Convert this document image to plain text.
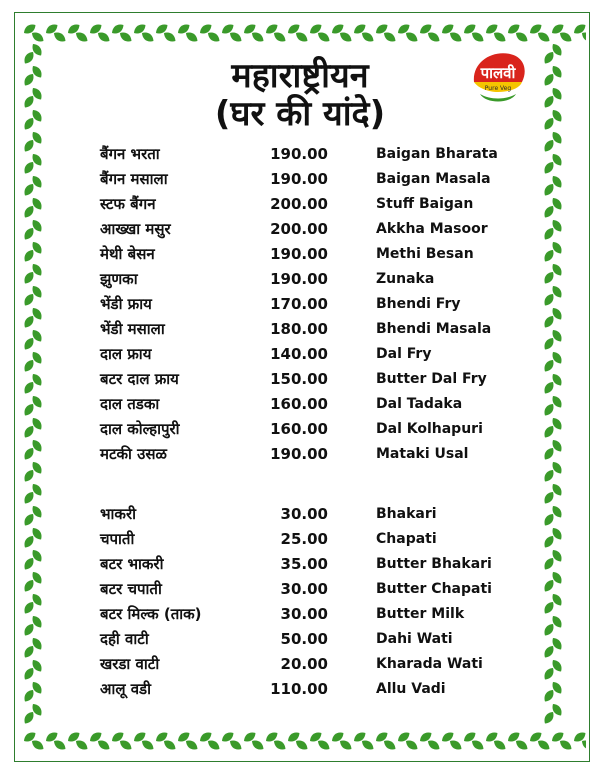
महाराष्ट्रीयन
(घर की यांदे)
पालवी
Pure Veg
बैंगन भरता	190.00	Baigan Bharata
बैंगन मसाला	190.00	Baigan Masala
स्टफ बैंगन	200.00	Stuff Baigan
आख्खा मसुर	200.00	Akkha Masoor
मेथी बेसन	190.00	Methi Besan
झुणका	190.00	Zunaka
भेंडी फ्राय	170.00	Bhendi Fry
भेंडी मसाला	180.00	Bhendi Masala
दाल फ्राय	140.00	Dal Fry
बटर दाल फ्राय	150.00	Butter Dal Fry
दाल तडका	160.00	Dal Tadaka
दाल कोल्हापुरी	160.00	Dal Kolhapuri
मटकी उसळ	190.00	Mataki Usal
भाकरी	30.00	Bhakari
चपाती	25.00	Chapati
बटर भाकरी	35.00	Butter Bhakari
बटर चपाती	30.00	Butter Chapati
बटर मिल्क (ताक)	30.00	Butter Milk
दही वाटी	50.00	Dahi Wati
खरडा वाटी	20.00	Kharada Wati
आलू वडी	110.00	Allu Vadi
